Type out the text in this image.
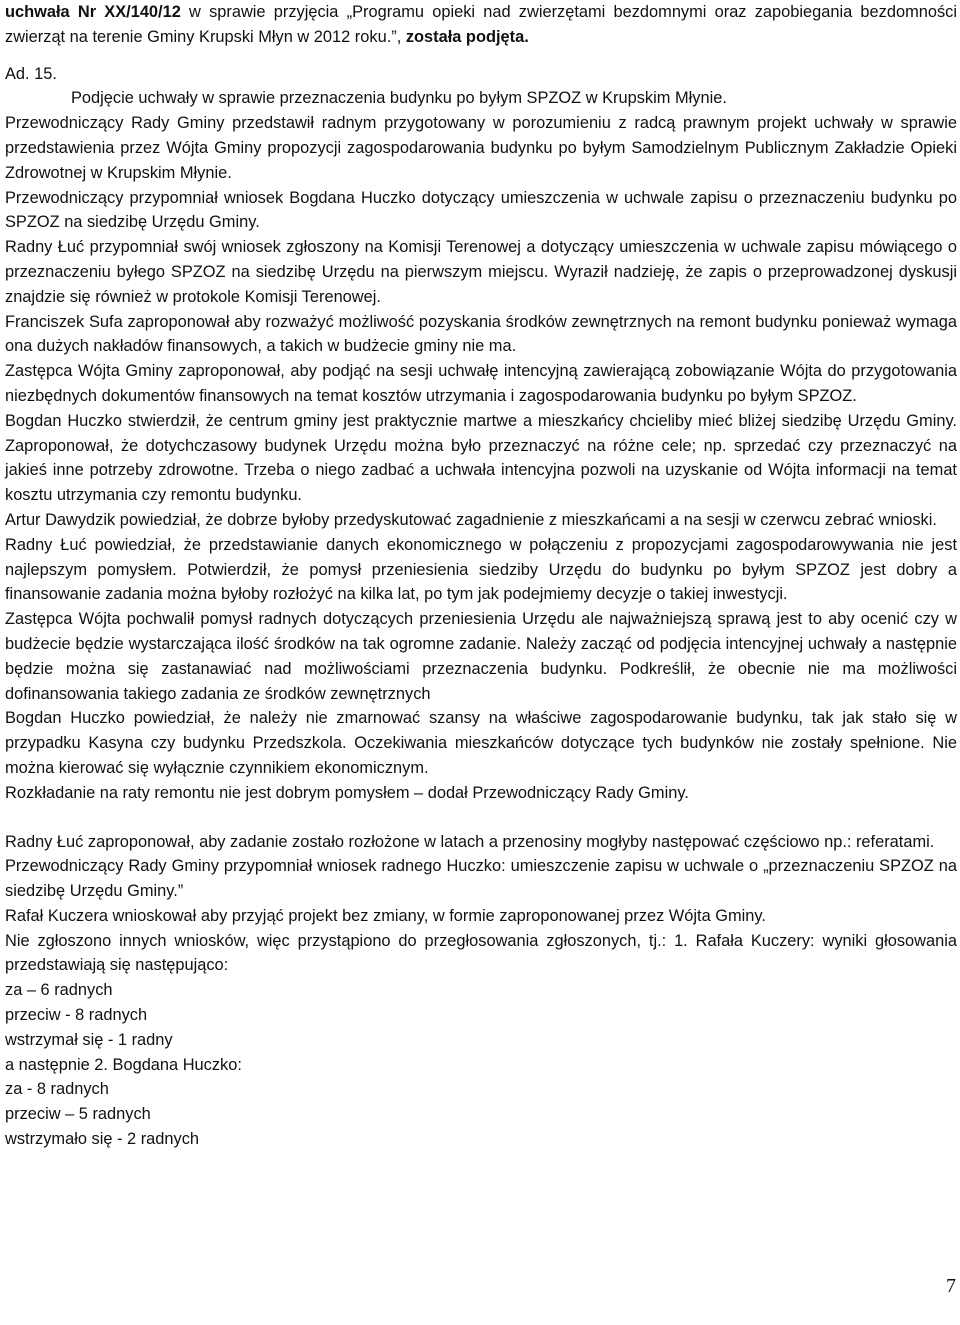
uchwała Nr XX/140/12 w sprawie przyjęcia „Programu opieki nad zwierzętami bezdomnymi oraz zapobiegania bezdomności zwierząt na terenie Gminy Krupski Młyn w 2012 roku.”, została podjęta.

Ad. 15.

Podjęcie uchwały w sprawie przeznaczenia budynku po byłym SPZOZ w Krupskim Młynie.

Przewodniczący Rady Gminy przedstawił radnym przygotowany w porozumieniu z radcą prawnym projekt uchwały w sprawie przedstawienia przez Wójta Gminy propozycji zagospodarowania budynku po byłym Samodzielnym Publicznym Zakładzie Opieki Zdrowotnej w Krupskim Młynie.

Przewodniczący przypomniał wniosek Bogdana Huczko dotyczący umieszczenia w uchwale zapisu o przeznaczeniu budynku po SPZOZ na siedzibę Urzędu Gminy.

Radny Łuć przypomniał swój wniosek zgłoszony na Komisji Terenowej a dotyczący umieszczenia w uchwale zapisu mówiącego o przeznaczeniu byłego SPZOZ na siedzibę Urzędu na pierwszym miejscu. Wyraził nadzieję, że zapis o przeprowadzonej dyskusji znajdzie się również w protokole Komisji Terenowej.

Franciszek Sufa zaproponował aby rozważyć możliwość pozyskania środków zewnętrznych na remont budynku ponieważ wymaga ona dużych nakładów finansowych, a takich w budżecie gminy nie ma.

Zastępca Wójta Gminy zaproponował, aby podjąć na sesji uchwałę intencyjną zawierającą zobowiązanie Wójta do przygotowania niezbędnych dokumentów finansowych na temat kosztów utrzymania i zagospodarowania budynku po byłym SPZOZ.

Bogdan Huczko stwierdził, że centrum gminy jest praktycznie martwe a mieszkańcy chcieliby mieć bliżej siedzibę Urzędu Gminy. Zaproponował, że dotychczasowy budynek Urzędu można było przeznaczyć na różne cele; np. sprzedać czy przeznaczyć na jakieś inne potrzeby zdrowotne. Trzeba o niego zadbać a uchwała intencyjna pozwoli na uzyskanie od Wójta informacji na temat kosztu utrzymania czy remontu budynku.

Artur Dawydzik powiedział, że dobrze byłoby przedyskutować zagadnienie z mieszkańcami a na sesji w czerwcu zebrać wnioski.

Radny Łuć powiedział, że przedstawianie danych ekonomicznego w połączeniu z propozycjami zagospodarowywania nie jest najlepszym pomysłem. Potwierdził, że pomysł przeniesienia siedziby Urzędu do budynku po byłym SPZOZ jest dobry a finansowanie zadania można byłoby rozłożyć na kilka lat, po tym jak podejmiemy decyzje o takiej inwestycji.

Zastępca Wójta pochwalił pomysł radnych dotyczących przeniesienia Urzędu ale najważniejszą sprawą jest to aby ocenić czy w budżecie będzie wystarczająca ilość środków na tak ogromne zadanie. Należy zacząć od podjęcia intencyjnej uchwały a następnie będzie można się zastanawiać nad możliwościami przeznaczenia budynku. Podkreślił, że obecnie nie ma możliwości dofinansowania takiego zadania ze środków zewnętrznych

Bogdan Huczko powiedział, że należy nie zmarnować szansy na właściwe zagospodarowanie budynku, tak jak stało się w przypadku Kasyna czy budynku Przedszkola. Oczekiwania mieszkańców dotyczące tych budynków nie zostały spełnione. Nie można kierować się wyłącznie czynnikiem ekonomicznym.

Rozkładanie na raty remontu nie jest dobrym pomysłem – dodał Przewodniczący Rady Gminy.

Radny Łuć zaproponował, aby zadanie zostało rozłożone w latach a przenosiny mogłyby następować częściowo np.: referatami.

Przewodniczący Rady Gminy przypomniał wniosek radnego Huczko: umieszczenie zapisu w uchwale o „przeznaczeniu SPZOZ na siedzibę Urzędu Gminy.”

Rafał Kuczera wnioskował aby przyjąć projekt bez zmiany, w formie zaproponowanej przez Wójta Gminy.

Nie zgłoszono innych wniosków, więc przystąpiono do przegłosowania zgłoszonych, tj.: 1. Rafała Kuczery: wyniki głosowania przedstawiają się następująco:

za – 6 radnych

przeciw - 8 radnych

wstrzymał się - 1 radny

a następnie 2. Bogdana Huczko:

za - 8 radnych

przeciw – 5 radnych

wstrzymało się - 2 radnych

7
